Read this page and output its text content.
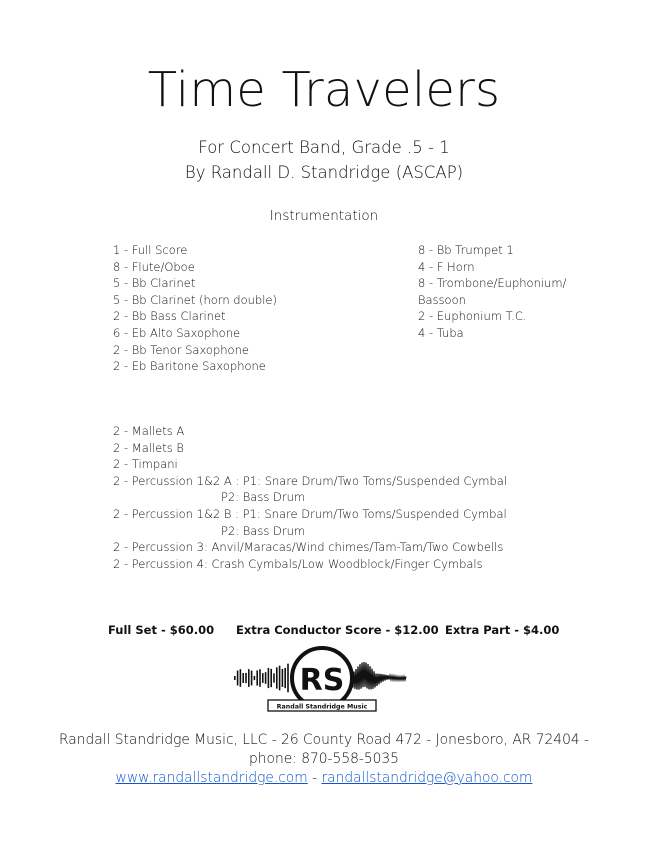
Time Travelers
For Concert Band, Grade .5 - 1
By Randall D. Standridge (ASCAP)
Instrumentation
1 - Full Score
8 - Flute/Oboe
5 - Bb Clarinet
5 - Bb Clarinet (horn double)
2 - Bb Bass Clarinet
6 - Eb Alto Saxophone
2 - Bb Tenor Saxophone
2 - Eb Baritone Saxophone
8 - Bb Trumpet 1
4 - F Horn
8 - Trombone/Euphonium/
Bassoon
2 - Euphonium T.C.
4 - Tuba
2 - Mallets A
2 - Mallets B
2 - Timpani
2 - Percussion 1&2 A : P1: Snare Drum/Two Toms/Suspended Cymbal
P2: Bass Drum
2 - Percussion 1&2 B : P1: Snare Drum/Two Toms/Suspended Cymbal
P2: Bass Drum
2 - Percussion 3: Anvil/Maracas/Wind chimes/Tam-Tam/Two Cowbells
2 - Percussion 4: Crash Cymbals/Low Woodblock/Finger Cymbals
Full Set - $60.00 Extra Conductor Score - $12.00 Extra Part - $4.00
RS
Randall Standridge Music
Randall Standridge Music, LLC - 26 County Road 472 - Jonesboro, AR 72404 -
phone: 870-558-5035
www.randallstandridge.com - randallstandridge@yahoo.com
